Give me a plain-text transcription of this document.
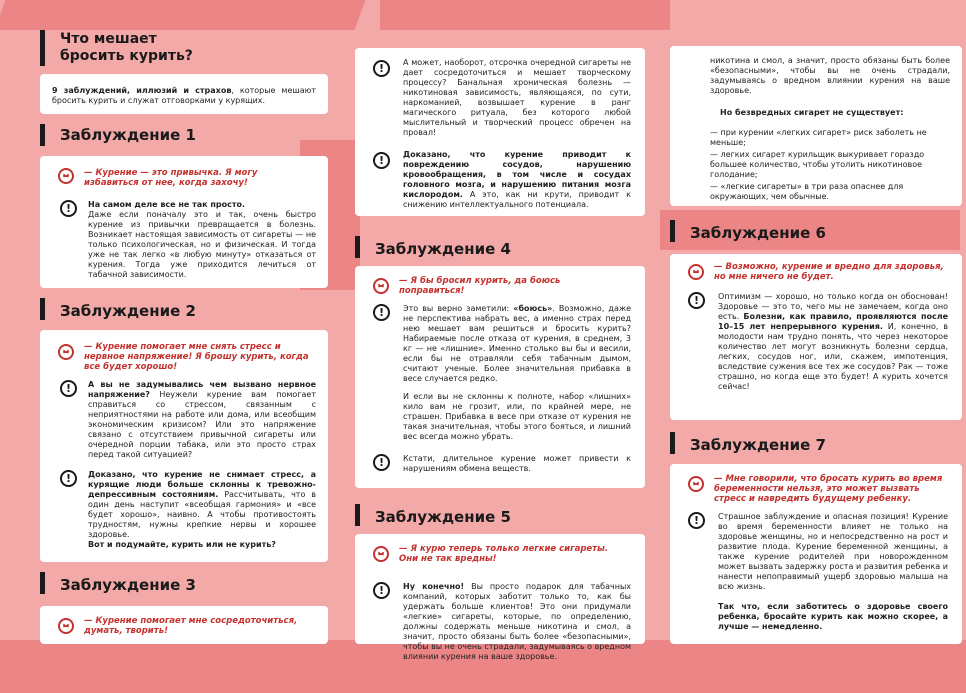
Что мешает бросить курить?
9 заблуждений, иллюзий и страхов, которые мешают бросить курить и служат отговорками у курящих.
Заблуждение 1
— Курение — это привычка. Я могу избавиться от нее, когда захочу!
!	На самом деле все не так просто.
Даже если поначалу это и так, очень быстро курение из привычки превращается в болезнь. Возникает настоящая зависимость от сигареты — не только психологическая, но и физическая. И тогда уже не так легко «в любую минуту» отказаться от курения. Тогда уже приходится лечиться от табачной зависимости.
Заблуждение 2
— Курение помогает мне снять стресс и нервное напряжение! Я брошу курить, когда все будет хорошо!
!	А вы не задумывались чем вызвано нервное напряжение? Неужели курение вам помогает справиться со стрессом, связанным с неприятностями на работе или дома, или всеобщим экономическим кризисом? Или это напряжение связано с отсутствием привычной сигареты или очередной порции табака, или это просто страх перед такой ситуацией?
!	Доказано, что курение не снимает стресс, а курящие люди больше склонны к тревожно-депрессивным состояниям. Рассчитывать, что в один день наступит «всеобщая гармония» и «все будет хорошо», наивно. А чтобы противостоять трудностям, нужны крепкие нервы и хорошее здоровье.
Вот и подумайте, курить или не курить?
Заблуждение 3
— Курение помогает мне сосредоточиться, думать, творить!
!	А может, наоборот, отсрочка очередной сигареты не дает сосредоточиться и мешает творческому процессу? Банальная хроническая болезнь — никотиновая зависимость, являющаяся, по сути, наркоманией, возвышает курение в ранг магического ритуала, без которого любой мыслительный и творческий процесс обречен на провал!
!	Доказано, что курение приводит к повреждению сосудов, нарушению кровообращения, в том числе и сосудах головного мозга, и нарушению питания мозга кислородом. А это, как ни крути, приводит к снижению интеллектуального потенциала.
Заблуждение 4
— Я бы бросил курить, да боюсь поправиться!
!	Это вы верно заметили: «боюсь». Возможно, даже не перспектива набрать вес, а именно страх перед нею мешает вам решиться и бросить курить? Набираемые после отказа от курения, в среднем, 3 кг — не «лишние». Именно столько вы бы и весили, если бы не отравляли себя табачным дымом, считают ученые. Более значительная прибавка в весе случается редко.
И если вы не склонны к полноте, набор «лишних» кило вам не грозит, или, по крайней мере, не страшен. Прибавка в весе при отказе от курения не такая значительная, чтобы этого бояться, и лишний вес всегда можно убрать.
!	Кстати, длительное курение может привести к нарушениям обмена веществ.
Заблуждение 5
— Я курю теперь только легкие сигареты. Они не так вредны!
!	Ну конечно! Вы просто подарок для табачных компаний, которых заботит только то, как бы удержать больше клиентов! Это они придумали «легкие» сигареты, которые, по определению, должны содержать меньше никотина и смол, а значит, просто обязаны быть более «безопасными», чтобы вы не очень страдали, задумываясь о вредном влиянии курения на ваше здоровье.
никотина и смол, а значит, просто обязаны быть более «безопасными», чтобы вы не очень страдали, задумываясь о вредном влиянии курения на ваше здоровье.
Но безвредных сигарет не существует:
— при курении «легких сигарет» риск заболеть не меньше;
— легких сигарет курильщик выкуривает гораздо большее количество, чтобы утолить никотиновое голодание;
— «легкие сигареты» в три раза опаснее для окружающих, чем обычные.
Заблуждение 6
— Возможно, курение и вредно для здоровья, но мне ничего не будет.
!	Оптимизм — хорошо, но только когда он обоснован! Здоровье — это то, чего мы не замечаем, когда оно есть. Болезни, как правило, проявляются после 10–15 лет непрерывного курения. И, конечно, в молодости нам трудно понять, что через некоторое количество лет могут возникнуть болезни сердца, легких, сосудов ног, или, скажем, импотенция, вследствие сужения все тех же сосудов? Рак — тоже страшно, но когда еще это будет! А курить хочется сейчас!
Заблуждение 7
— Мне говорили, что бросать курить во время беременности нельзя, это может вызвать стресс и навредить будущему ребенку.
!	Страшное заблуждение и опасная позиция! Курение во время беременности влияет не только на здоровье женщины, но и непосредственно на рост и развитие плода. Курение беременной женщины, а также курение родителей при новорожденном может вызвать задержку роста и развития ребенка и нанести непоправимый ущерб здоровью малыша на всю жизнь.
Так что, если заботитесь о здоровье своего ребенка, бросайте курить как можно скорее, а лучше — немедленно.
